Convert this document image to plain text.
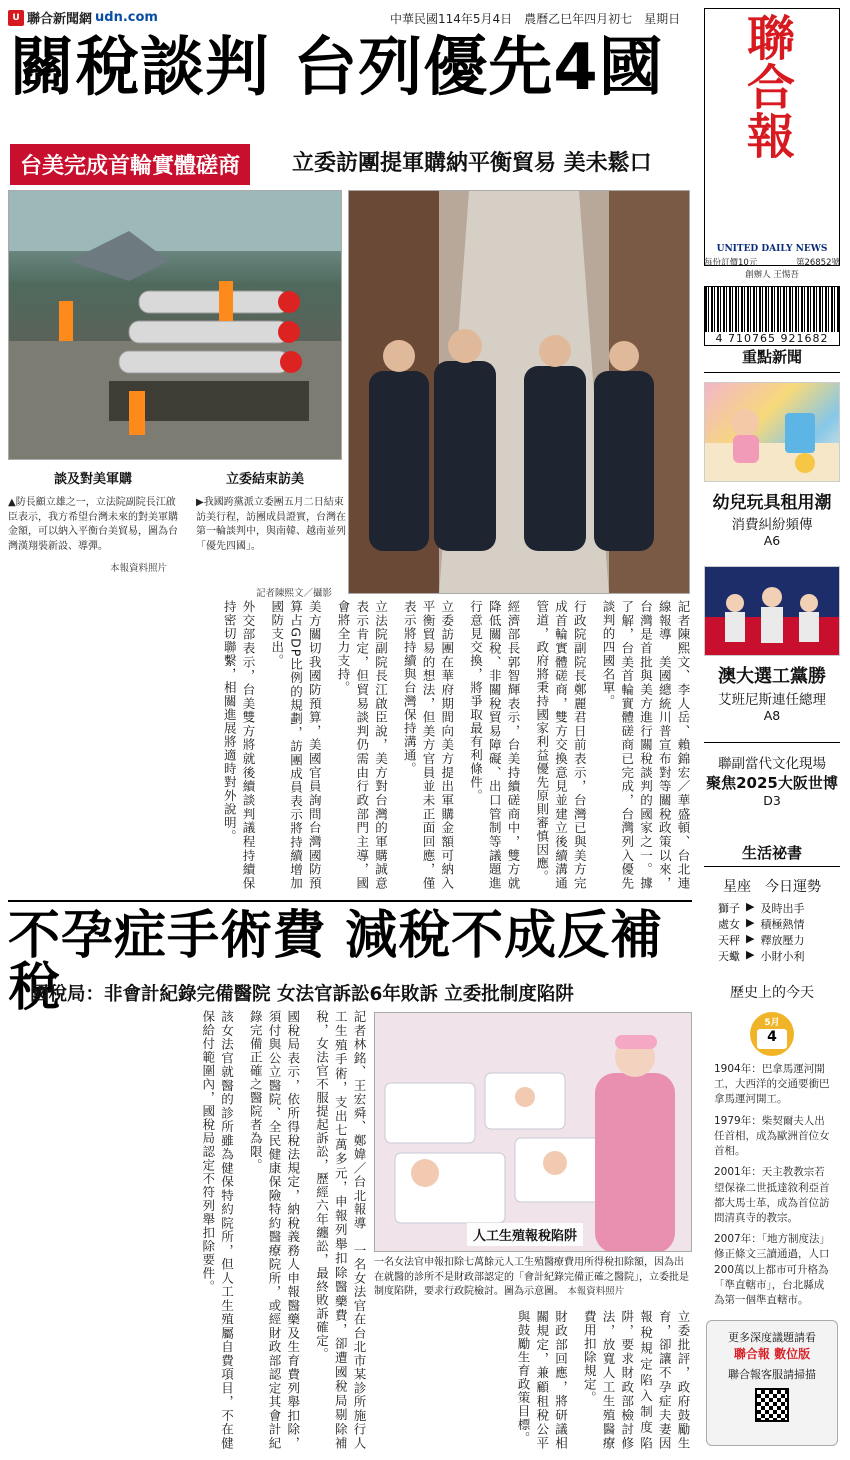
U 聯合新聞網 udn.com	中華民國114年5月4日　農曆乙巳年四月初七　星期日
關稅談判 台列優先4國
台美完成首輪實體磋商	立委訪團提軍購納平衡貿易 美未鬆口
談及對美軍購	立委結束訪美
▲防長顧立雄之一，立法院副院長江啟臣表示，我方希望台灣未來的對美軍購金額，可以納入平衡台美貿易，圖為台灣漢翔裝新設、導彈。
本報資料照片
▶我國跨黨派立委團五月二日結束訪美行程，訪團成員證實，台灣在第一輪談判中，與南韓、越南並列「優先四國」。
記者陳熙文／攝影
記者陳熙文、李人岳、賴錦宏／華盛頓、台北連線報導　美國總統川普宣布對等關稅政策以來，台灣是首批與美方進行關稅談判的國家之一。據了解，台美首輪實體磋商已完成，台灣列入優先談判的四國名單。
行政院副院長鄭麗君日前表示，台灣已與美方完成首輪實體磋商，雙方交換意見並建立後續溝通管道，政府將秉持國家利益優先原則審慎因應。
經濟部長郭智輝表示，台美持續磋商中，雙方就降低關稅、非關稅貿易障礙、出口管制等議題進行意見交換，將爭取最有利條件。
立委訪團在華府期間向美方提出軍購金額可納入平衡貿易的想法，但美方官員並未正面回應，僅表示將持續與台灣保持溝通。
立法院副院長江啟臣說，美方對台灣的軍購誠意表示肯定，但貿易談判仍需由行政部門主導，國會將全力支持。
美方關切我國防預算，美國官員詢問台灣國防預算占GDP比例的規劃，訪團成員表示將持續增加國防支出。
外交部表示，台美雙方將就後續談判議程持續保持密切聯繫，相關進展將適時對外說明。
不孕症手術費 減稅不成反補稅
國稅局：非會計紀錄完備醫院 女法官訴訟6年敗訴 立委批制度陷阱
人工生殖報稅陷阱
一名女法官申報扣除七萬餘元人工生殖醫療費用所得稅扣除額，因為出在就醫的診所不是財政部認定的「會計紀錄完備正確之醫院」，立委批是制度陷阱，要求行政院檢討。圖為示意圖。 本報資料照片
記者林銘、王宏舜、鄭媁／台北報導　一名女法官在台北市某診所施行人工生殖手術，支出七萬多元，申報列舉扣除醫藥費，卻遭國稅局剔除補稅，女法官不服提起訴訟，歷經六年纏訟，最終敗訴確定。
國稅局表示，依所得稅法規定，納稅義務人申報醫藥及生育費列舉扣除，須付與公立醫院、全民健康保險特約醫療院所，或經財政部認定其會計紀錄完備正確之醫院者為限。
該女法官就醫的診所雖為健保特約院所，但人工生殖屬自費項目，不在健保給付範圍內，國稅局認定不符列舉扣除要件。
立委批評，政府鼓勵生育，卻讓不孕症夫妻因報稅規定陷入制度陷阱，要求財政部檢討修法，放寬人工生殖醫療費用扣除規定。
財政部回應，將研議相關規定，兼顧租稅公平與鼓勵生育政策目標。
聯
合
報
UNITED DAILY NEWS
每份訂價10元	第26852號
創辦人 王惕吾
4 710765 921682
重點新聞
幼兒玩具租用潮
消費糾紛頻傳
A6
澳大選工黨勝
艾班尼斯連任總理
A8
聯副當代文化現場
聚焦2025大阪世博
D3
生活祕書
星座　今日運勢
獅子 ▶ 及時出手
處女 ▶ 積極熱情
天秤 ▶ 釋放壓力
天蠍 ▶ 小財小利
歷史上的今天
5月
4
1904年：巴拿馬運河開工，大西洋的交通要衝巴拿馬運河開工。
1979年：柴契爾夫人出任首相，成為歐洲首位女首相。
2001年：天主教教宗若望保祿二世抵達敘利亞首都大馬士革，成為首位訪問清真寺的教宗。
2007年：「地方制度法」修正條文三讀通過，人口200萬以上都市可升格為「準直轄市」，台北縣成為第一個準直轄市。
更多深度議題請看
聯合報 數位版
聯合報客服請掃描
